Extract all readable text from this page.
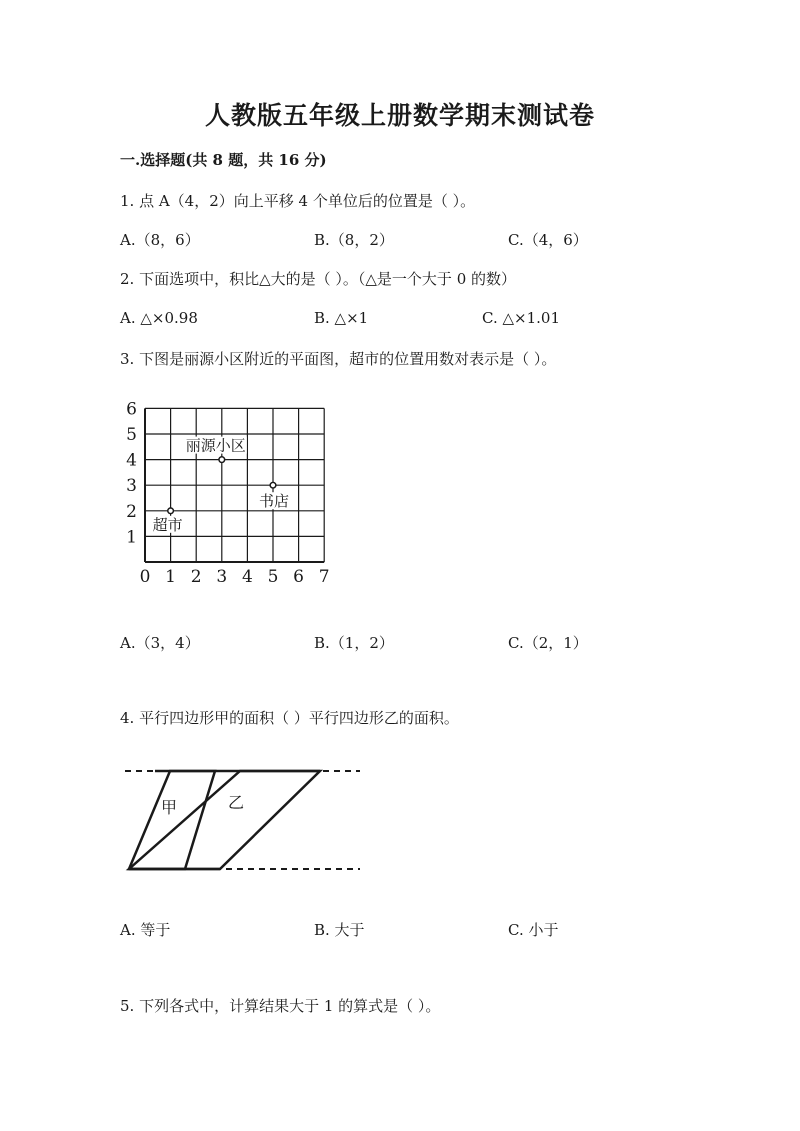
人教版五年级上册数学期末测试卷
一.选择题(共 8 题，共 16 分)
1. 点 A（4，2）向上平移 4 个单位后的位置是（ ）。
A.（8，6）	B.（8，2）	C.（4，6）
2. 下面选项中，积比△大的是（ ）。（△是一个大于 0 的数）
A. △×0.98	B. △×1	C. △×1.01
3. 下图是丽源小区附近的平面图，超市的位置用数对表示是（ ）。
0 1 2 3 4 5 6 7
1
2
3
4
5
6
丽源小区
书店
超市
A.（3，4）	B.（1，2）	C.（2，1）
4. 平行四边形甲的面积（ ）平行四边形乙的面积。
甲	乙
A. 等于	B. 大于	C. 小于
5. 下列各式中，计算结果大于 1 的算式是（ ）。
